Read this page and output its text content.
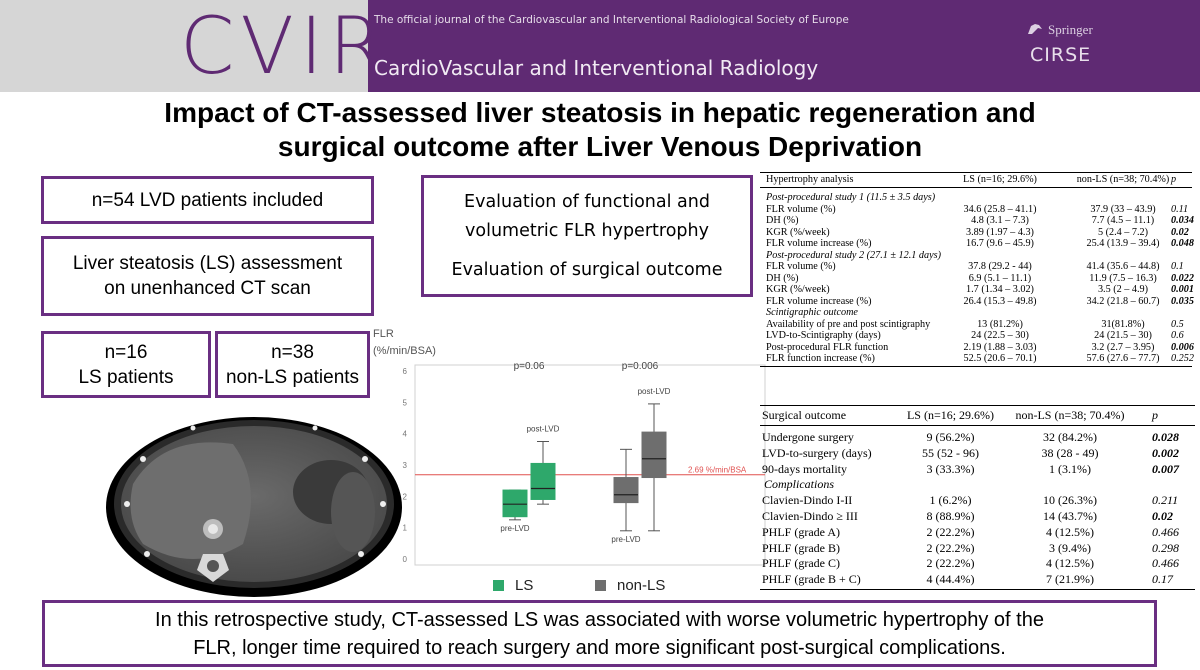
CVIR
The official journal of the Cardiovascular and Interventional Radiological Society of Europe
CardioVascular and Interventional Radiology
Springer
CIRSE
Impact of CT-assessed liver steatosis in hepatic regeneration and
surgical outcome after Liver Venous Deprivation
n=54 LVD patients included
Liver steatosis (LS) assessment
on unenhanced CT scan
n=16
LS patients
n=38
non-LS patients
Evaluation of functional and
volumetric FLR hypertrophy
Evaluation of surgical outcome
FLR
(%/min/BSA)
0
1
2
3
4
5
6
2.69 %/min/BSA
pre-LVD
post-LVD
pre-LVD
post-LVD
p=0.06	p=0.006
LS	non-LS
Hypertrophy analysis	LS (n=16; 29.6%)	non-LS (n=38; 70.4%) p
Post-procedural study 1 (11.5 ± 3.5 days)
FLR volume (%)	34.6 (25.8 – 41.1)	37.9 (33 – 43.9)	0.11
DH (%)	4.8 (3.1 – 7.3)	7.7 (4.5 – 11.1)	0.034
KGR (%/week)	3.89 (1.97 – 4.3)	5 (2.4 – 7.2)	0.02
FLR volume increase (%)	16.7 (9.6 – 45.9)	25.4 (13.9 – 39.4)	0.048
Post-procedural study 2 (27.1 ± 12.1 days)
FLR volume (%)	37.8 (29.2 - 44)	41.4 (35.6 – 44.8)	0.1
DH (%)	6.9 (5.1 – 11.1)	11.9 (7.5 – 16.3)	0.022
KGR (%/week)	1.7 (1.34 – 3.02)	3.5 (2 – 4.9)	0.001
FLR volume increase (%)	26.4 (15.3 – 49.8)	34.2 (21.8 – 60.7)	0.035
Scintigraphic outcome
Availability of pre and post scintigraphy	13 (81.2%)	31(81.8%)	0.5
LVD-to-Scintigraphy (days)	24 (22.5 – 30)	24 (21.5 – 30)	0.6
Post-procedural FLR function	2.19 (1.88 – 3.03)	3.2 (2.7 – 3.95)	0.006
FLR function increase (%)	52.5 (20.6 – 70.1)	57.6 (27.6 – 77.7)	0.252
Surgical outcome	LS (n=16; 29.6%)	non-LS (n=38; 70.4%)	p
Undergone surgery	9 (56.2%)	32 (84.2%)	0.028
LVD-to-surgery (days)	55 (52 - 96)	38 (28 - 49)	0.002
90-days mortality	3 (33.3%)	1 (3.1%)	0.007
Complications
Clavien-Dindo I-II	1 (6.2%)	10 (26.3%)	0.211
Clavien-Dindo ≥ III	8 (88.9%)	14 (43.7%)	0.02
PHLF (grade A)	2 (22.2%)	4 (12.5%)	0.466
PHLF (grade B)	2 (22.2%)	3 (9.4%)	0.298
PHLF (grade C)	2 (22.2%)	4 (12.5%)	0.466
PHLF (grade B + C)	4 (44.4%)	7 (21.9%)	0.17
In this retrospective study, CT-assessed LS was associated with worse volumetric hypertrophy of the
FLR, longer time required to reach surgery and more significant post-surgical complications.
